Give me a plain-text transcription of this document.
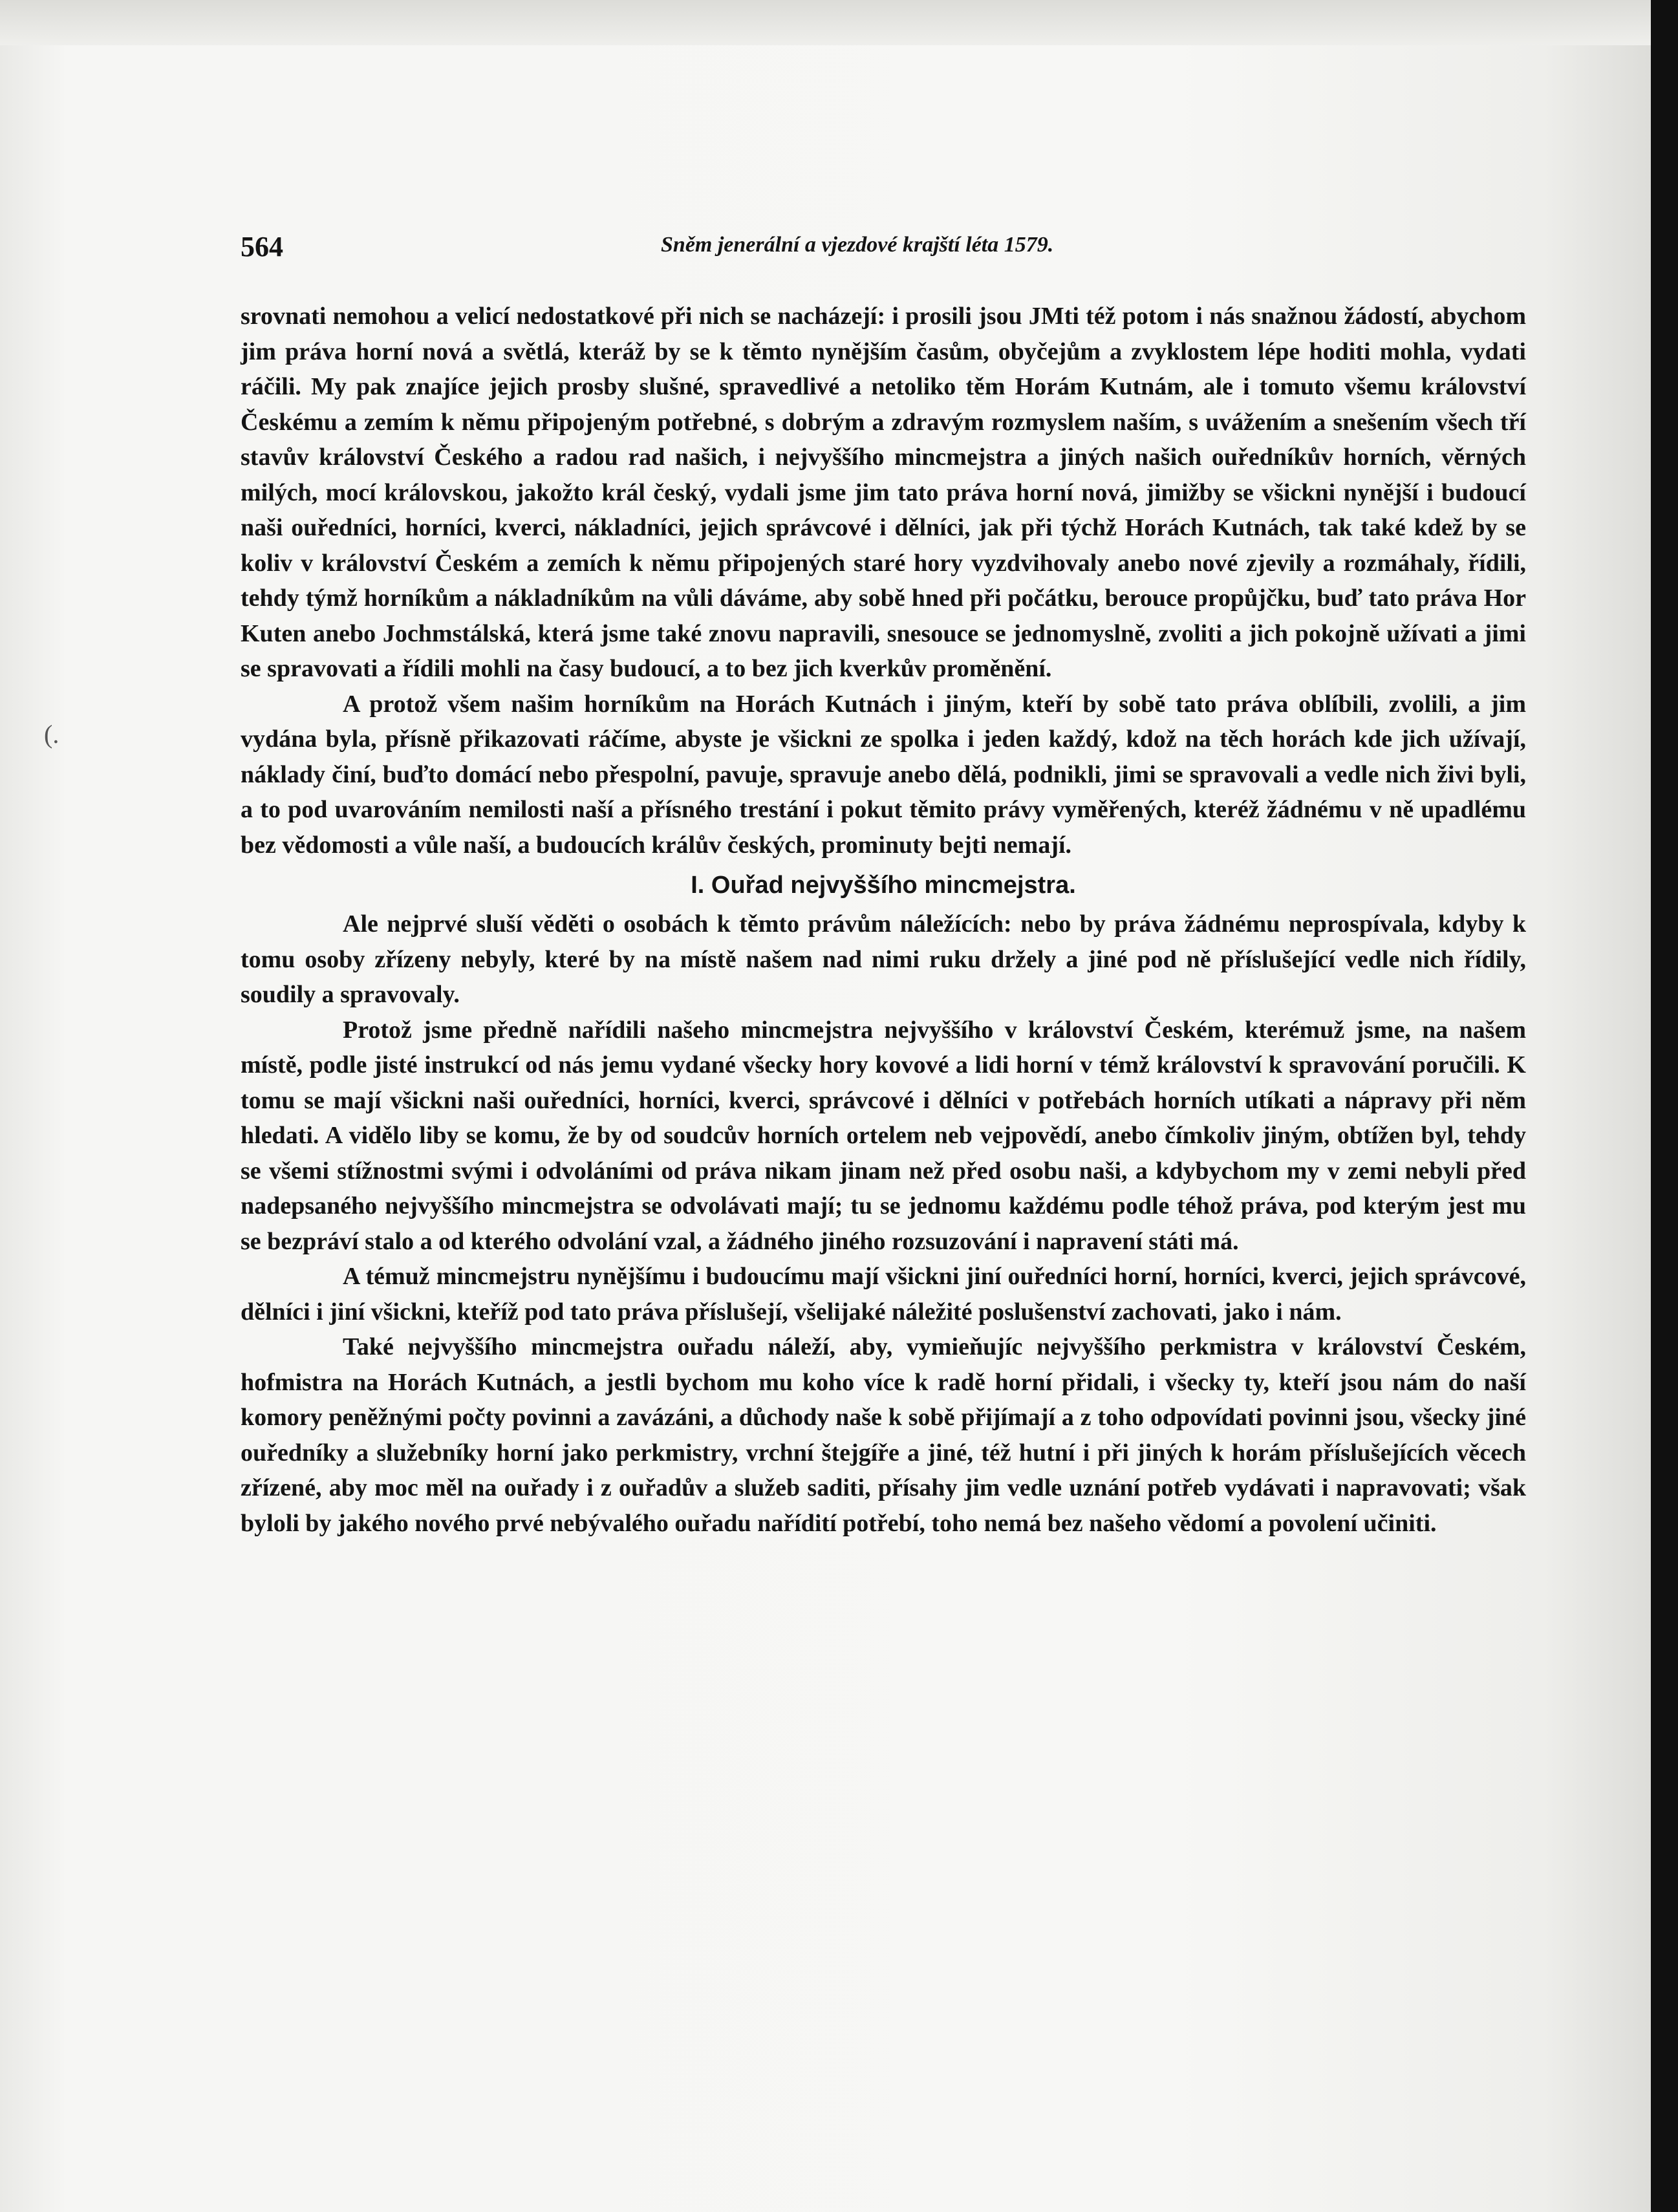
564	Sněm jenerální a vjezdové krajští léta 1579.
(.

srovnati nemohou a velicí nedostatkové při nich se nacházejí: i prosili jsou JMti též potom i nás snažnou žádostí, abychom jim práva horní nová a světlá, kteráž by se k těmto nynějším časům, obyčejům a zvyklostem lépe hoditi mohla, vydati ráčili. My pak znajíce jejich prosby slušné, spravedlivé a netoliko těm Horám Kutnám, ale i tomuto všemu království Českému a zemím k němu připojeným potřebné, s dobrým a zdravým rozmyslem naším, s uvážením a snešením všech tří stavův království Českého a radou rad našich, i nejvyššího mincmejstra a jiných našich ouředníkův horních, věrných milých, mocí královskou, jakožto král český, vydali jsme jim tato práva horní nová, jimižby se všickni nynější i budoucí naši ouředníci, horníci, kverci, nákladníci, jejich správcové i dělníci, jak při týchž Horách Kutnách, tak také kdež by se koliv v království Českém a zemích k němu připojených staré hory vyzdvihovaly anebo nové zjevily a rozmáhaly, řídili, tehdy týmž horníkům a nákladníkům na vůli dáváme, aby sobě hned při počátku, berouce propůjčku, buď tato práva Hor Kuten anebo Jochmstálská, která jsme také znovu napravili, snesouce se jednomyslně, zvoliti a jich pokojně užívati a jimi se spravovati a řídili mohli na časy budoucí, a to bez jich kverkův proměnění.

A protož všem našim horníkům na Horách Kutnách i jiným, kteří by sobě tato práva oblíbili, zvolili, a jim vydána byla, přísně přikazovati ráčíme, abyste je všickni ze spolka i jeden každý, kdož na těch horách kde jich užívají, náklady činí, buďto domácí nebo přespolní, pavuje, spravuje anebo dělá, podnikli, jimi se spravovali a vedle nich živi byli, a to pod uvarováním nemilosti naší a přísného trestání i pokut těmito právy vyměřených, kteréž žádnému v ně upadlému bez vědomosti a vůle naší, a budoucích králův českých, prominuty bejti nemají.

I. Ouřad nejvyššího mincmejstra.

Ale nejprvé sluší věděti o osobách k těmto právům náležících: nebo by práva žádnému neprospívala, kdyby k tomu osoby zřízeny nebyly, které by na místě našem nad nimi ruku držely a jiné pod ně příslušející vedle nich řídily, soudily a spravovaly.

Protož jsme předně nařídili našeho mincmejstra nejvyššího v království Českém, kterémuž jsme, na našem místě, podle jisté instrukcí od nás jemu vydané všecky hory kovové a lidi horní v témž království k spravování poručili. K tomu se mají všickni naši ouředníci, horníci, kverci, správcové i dělníci v potřebách horních utíkati a nápravy při něm hledati. A vidělo liby se komu, že by od soudcův horních ortelem neb vejpovědí, anebo čímkoliv jiným, obtížen byl, tehdy se všemi stížnostmi svými i odvoláními od práva nikam jinam než před osobu naši, a kdybychom my v zemi nebyli před nadepsaného nejvyššího mincmejstra se odvolávati mají; tu se jednomu každému podle téhož práva, pod kterým jest mu se bezpráví stalo a od kterého odvolání vzal, a žádného jiného rozsuzování i napravení státi má.

A témuž mincmejstru nynějšímu i budoucímu mají všickni jiní ouředníci horní, horníci, kverci, jejich správcové, dělníci i jiní všickni, kteříž pod tato práva příslušejí, všelijaké náležité poslušenství zachovati, jako i nám.

Také nejvyššího mincmejstra ouřadu náleží, aby, vymieňujíc nejvyššího perkmistra v království Českém, hofmistra na Horách Kutnách, a jestli bychom mu koho více k radě horní přidali, i všecky ty, kteří jsou nám do naší komory peněžnými počty povinni a zavázáni, a důchody naše k sobě přijímají a z toho odpovídati povinni jsou, všecky jiné ouředníky a služebníky horní jako perkmistry, vrchní štejgíře a jiné, též hutní i při jiných k horám příslušejících věcech zřízené, aby moc měl na ouřady i z ouřadův a služeb saditi, přísahy jim vedle uznání potřeb vydávati i napravovati; však byloli by jakého nového prvé nebývalého ouřadu nařídití potřebí, toho nemá bez našeho vědomí a povolení učiniti.
